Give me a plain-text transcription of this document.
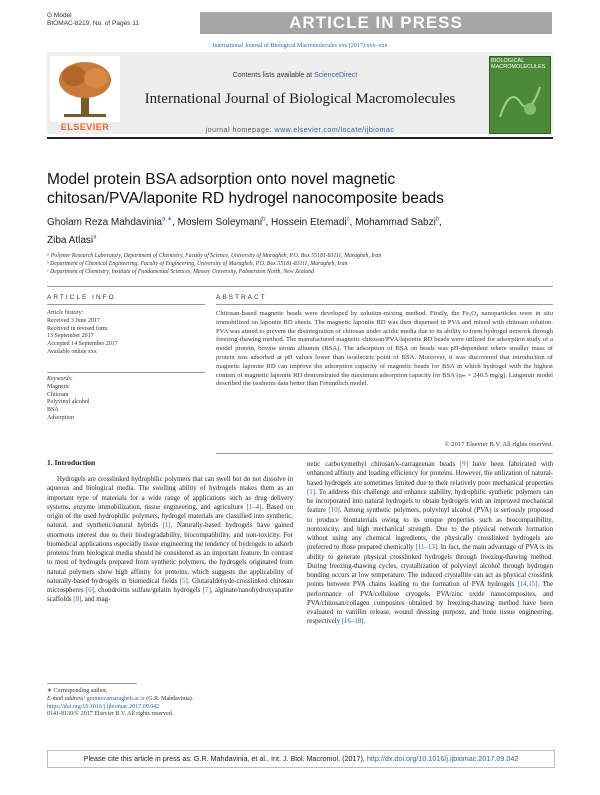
G Model
BIOMAC-8219; No. of Pages 11	ARTICLE IN PRESS
International Journal of Biological Macromolecules xxx (2017) xxx–xxx
ELSEVIER
Contents lists available at ScienceDirect
International Journal of Biological Macromolecules
journal homepage: www.elsevier.com/locate/ijbiomac
BIOLOGICAL MACROMOLECULES
Model protein BSA adsorption onto novel magnetic
chitosan/PVA/laponite RD hydrogel nanocomposite beads
Gholam Reza Mahdavinia$^{a,∗}$, Moslem Soleymani$^b$, Hossein Etemadi$^c$, Mohammad Sabzi$^b$,
Ziba Atlasi$^a$
ᵃ Polymer Research Laboratory, Department of Chemistry, Faculty of Science, University of Maragheh, P.O. Box 55181-83111, Maragheh, Iran
ᵇ Department of Chemical Engineering, Faculty of Engineering, University of Maragheh, P.O. Box 55181-83111, Maragheh, Iran
ᶜ Department of Chemistry, Institute of Fundamental Sciences, Massey University, Palmerston North, New Zealand
ARTICLE INFO
Article history:
Received 3 June 2017
Received in revised form
13 September 2017
Accepted 14 September 2017
Available online xxx
Keywords:
Magnetic
Chitosan
Polyvinyl alcohol
BSA
Adsorption
ABSTRACT
Chitosan-based magnetic beads were developed by solution-mixing method. Firstly, the Fe₃O₄ nanoparticles were in situ immobilized on laponite RD sheets. The magnetic laponite RD was then dispersed in PVA and mixed with chitosan solution. PVA was aimed to prevent the disintegration of chitosan under acidic media due to its ability to form hydrogel network through freezing-thawing method. The manufactured magnetic chitosan/PVA/laponite RD beads were utilized for adsorption study of a model protein, bovine serum albumin (BSA). The adsorption of BSA on beads was pH-dependent where smaller mass of protein was adsorbed at pH values lower than isoelectric point of BSA. Moreover, it was discovered that introduction of magnetic laponite RD can improve the adsorption capacity of magnetic beads for BSA in which hydrogel with the highest content of magnetic laponite RD demonstrated the maximum adsorption capacity for BSA (qₘ = 240.5 mg/g). Langmuir model described the isotherm data better than Freundlich model.
© 2017 Elsevier B.V. All rights reserved.
1. Introduction
Hydrogels are crosslinked hydrophilic polymers that can swell but do not dissolve in aqueous and biological media. The swelling ability of hydrogels makes them as an important type of materials for a wide range of applications such as drug delivery systems, enzyme immobilization, tissue engineering, and agriculture [1–4]. Based on origin of the used hydrophilic polymers, hydrogel materials are classified into synthetic, natural, and synthetic/natural hybrids [1]. Naturally-based hydrogels have gained enormous interest due to their biodegradability, biocompatibility, and non-toxicity. For biomedical applications especially tissue engineering the tendency of hydrogels to adsorb proteins from biological media should be considered as an important feature. In contrast to most of hydrogels prepared from synthetic polymers, the hydrogels originated from natural polymers show high affinity for proteins, which suggests the applicability of naturally-based hydrogels in biomedical fields [5]. Glutaraldehyde-crosslinked chitosan microspheres [6], chondroitin sulfate/gelatin hydrogels [7], alginate/nanohydroxyapatite scaffolds [8], and mag-
netic carboxymethyl chitosan/κ-carrageenan beads [9] have been fabricated with enhanced affinity and loading efficiency for proteins. However, the utilization of natural-based hydrogels are sometimes limited due to their relatively poor mechanical properties [1]. To address this challenge and enhance stability, hydrophilic synthetic polymers can be incorporated into natural hydrogels to obtain hydrogels with an improved mechanical feature [10]. Among synthetic polymers, polyvinyl alcohol (PVA) is seriously proposed to produce biomaterials owing to its unique properties such as biocompatibility, nontoxicity, and high mechanical strength. Due to the physical network formation without using any chemical ingredients, the physically crosslinked hydrogels are preferred to those prepared chemically [11–13]. In fact, the main advantage of PVA is its ability to generate physical crosslinked hydrogels through freezing-thawing method. During freezing-thawing cycles, crystallization of polyvinyl alcohol through hydrogen bonding occurs at low temperature. The induced crystallite can act as physical crosslink points between PVA chains leading to the formation of PVA hydrogels [14,15]. The performance of PVA/cellulose cryogels, PVA/zinc oxide nanocomposites, and PVA/chitosan/collagen composites obtained by freezing-thawing method have been evaluated in vanillin release, wound dressing purpose, and bone tissue engineering, respectively [16–18].
∗ Corresponding author.
E-mail address: gmmrezamaragheh.ac.ir (G.R. Mahdavinia).
https://doi.org/10.1016/j.ijbiomac.2017.09.042
0141-8130/© 2017 Elsevier B.V. All rights reserved.
Please cite this article in press as: G.R. Mahdavinia, et al., Int. J. Biol. Macromol. (2017), http://dx.doi.org/10.1016/j.ijbiomac.2017.09.042
